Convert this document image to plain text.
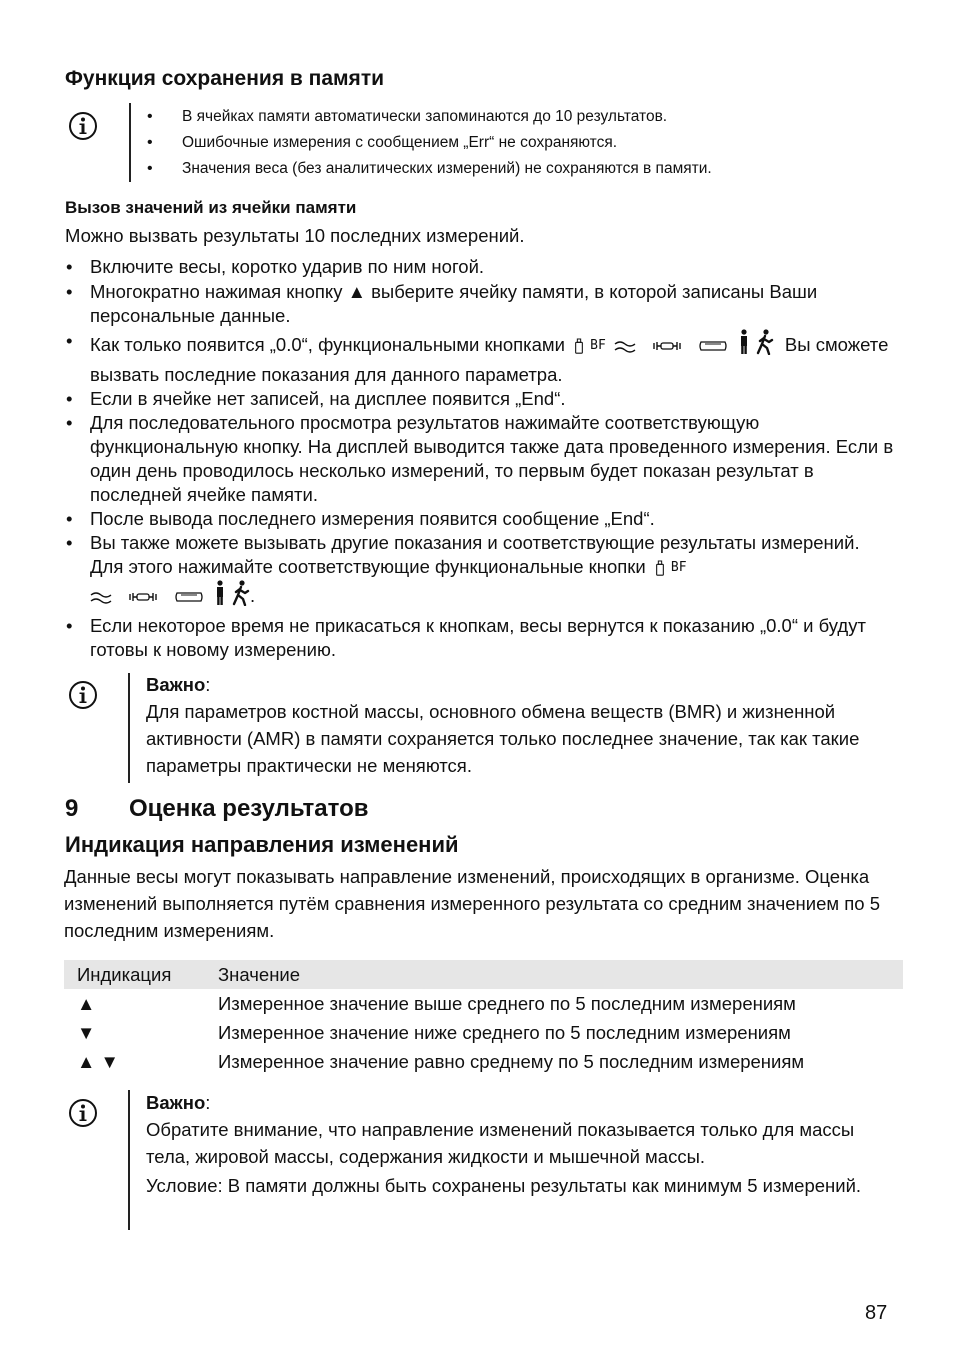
Функция сохранения в памяти
• В ячейках памяти автоматически запоминаются до 10 результатов.
• Ошибочные измерения с сообщением „Err“ не сохраняются.
• Значения веса (без аналитических измерений) не сохраняются в памяти.
Вызов значений из ячейки памяти

Можно вызвать результаты 10 последних измерений.

• Включите весы, коротко ударив по ним ногой.
• Многократно нажимая кнопку ▲ выберите ячейку памяти, в которой записаны Ваши персональные данные.
• Как только появится „0.0“, функциональными кнопками BF	Вы сможете вызвать последние показания для данного параметра.
• Если в ячейке нет записей, на дисплее появится „End“.
• Для последовательного просмотра результатов нажимайте соответствующую функциональную кнопку. На дисплей выводится также дата проведенного измерения. Если в один день проводилось несколько измерений, то первым будет показан результат в последней ячейке памяти.
• После вывода последнего измерения появится сообщение „End“.
• Вы также можете вызывать другие показания и соответствующие результаты измерений. Для этого нажимайте соответствующие функциональные кнопки BF
.
• Если некоторое время не прикасаться к кнопкам, весы вернутся к показанию „0.0“ и будут готовы к новому измерению.
Важно:
Для параметров костной массы, основного обмена веществ (BMR) и жизненной активности (AMR) в памяти сохраняется только последнее значение, так как такие параметры практически не меняются.
9 Оценка результатов
Индикация направления изменений

Данные весы могут показывать направление изменений, происходящих в организме. Оценка изменений выполняется путём сравнения измеренного результата со средним значением по 5 последним измерениям.

Индикация	Значение
▲	Измеренное значение выше среднего по 5 последним измерениям
▼	Измеренное значение ниже среднего по 5 последним измерениям
▲ ▼	Измеренное значение равно среднему по 5 последним измерениям
Важно:
Обратите внимание, что направление изменений показывается только для массы тела, жировой массы, содержания жидкости и мышечной массы.
Условие: В памяти должны быть сохранены результаты как минимум 5 измерений.
87
